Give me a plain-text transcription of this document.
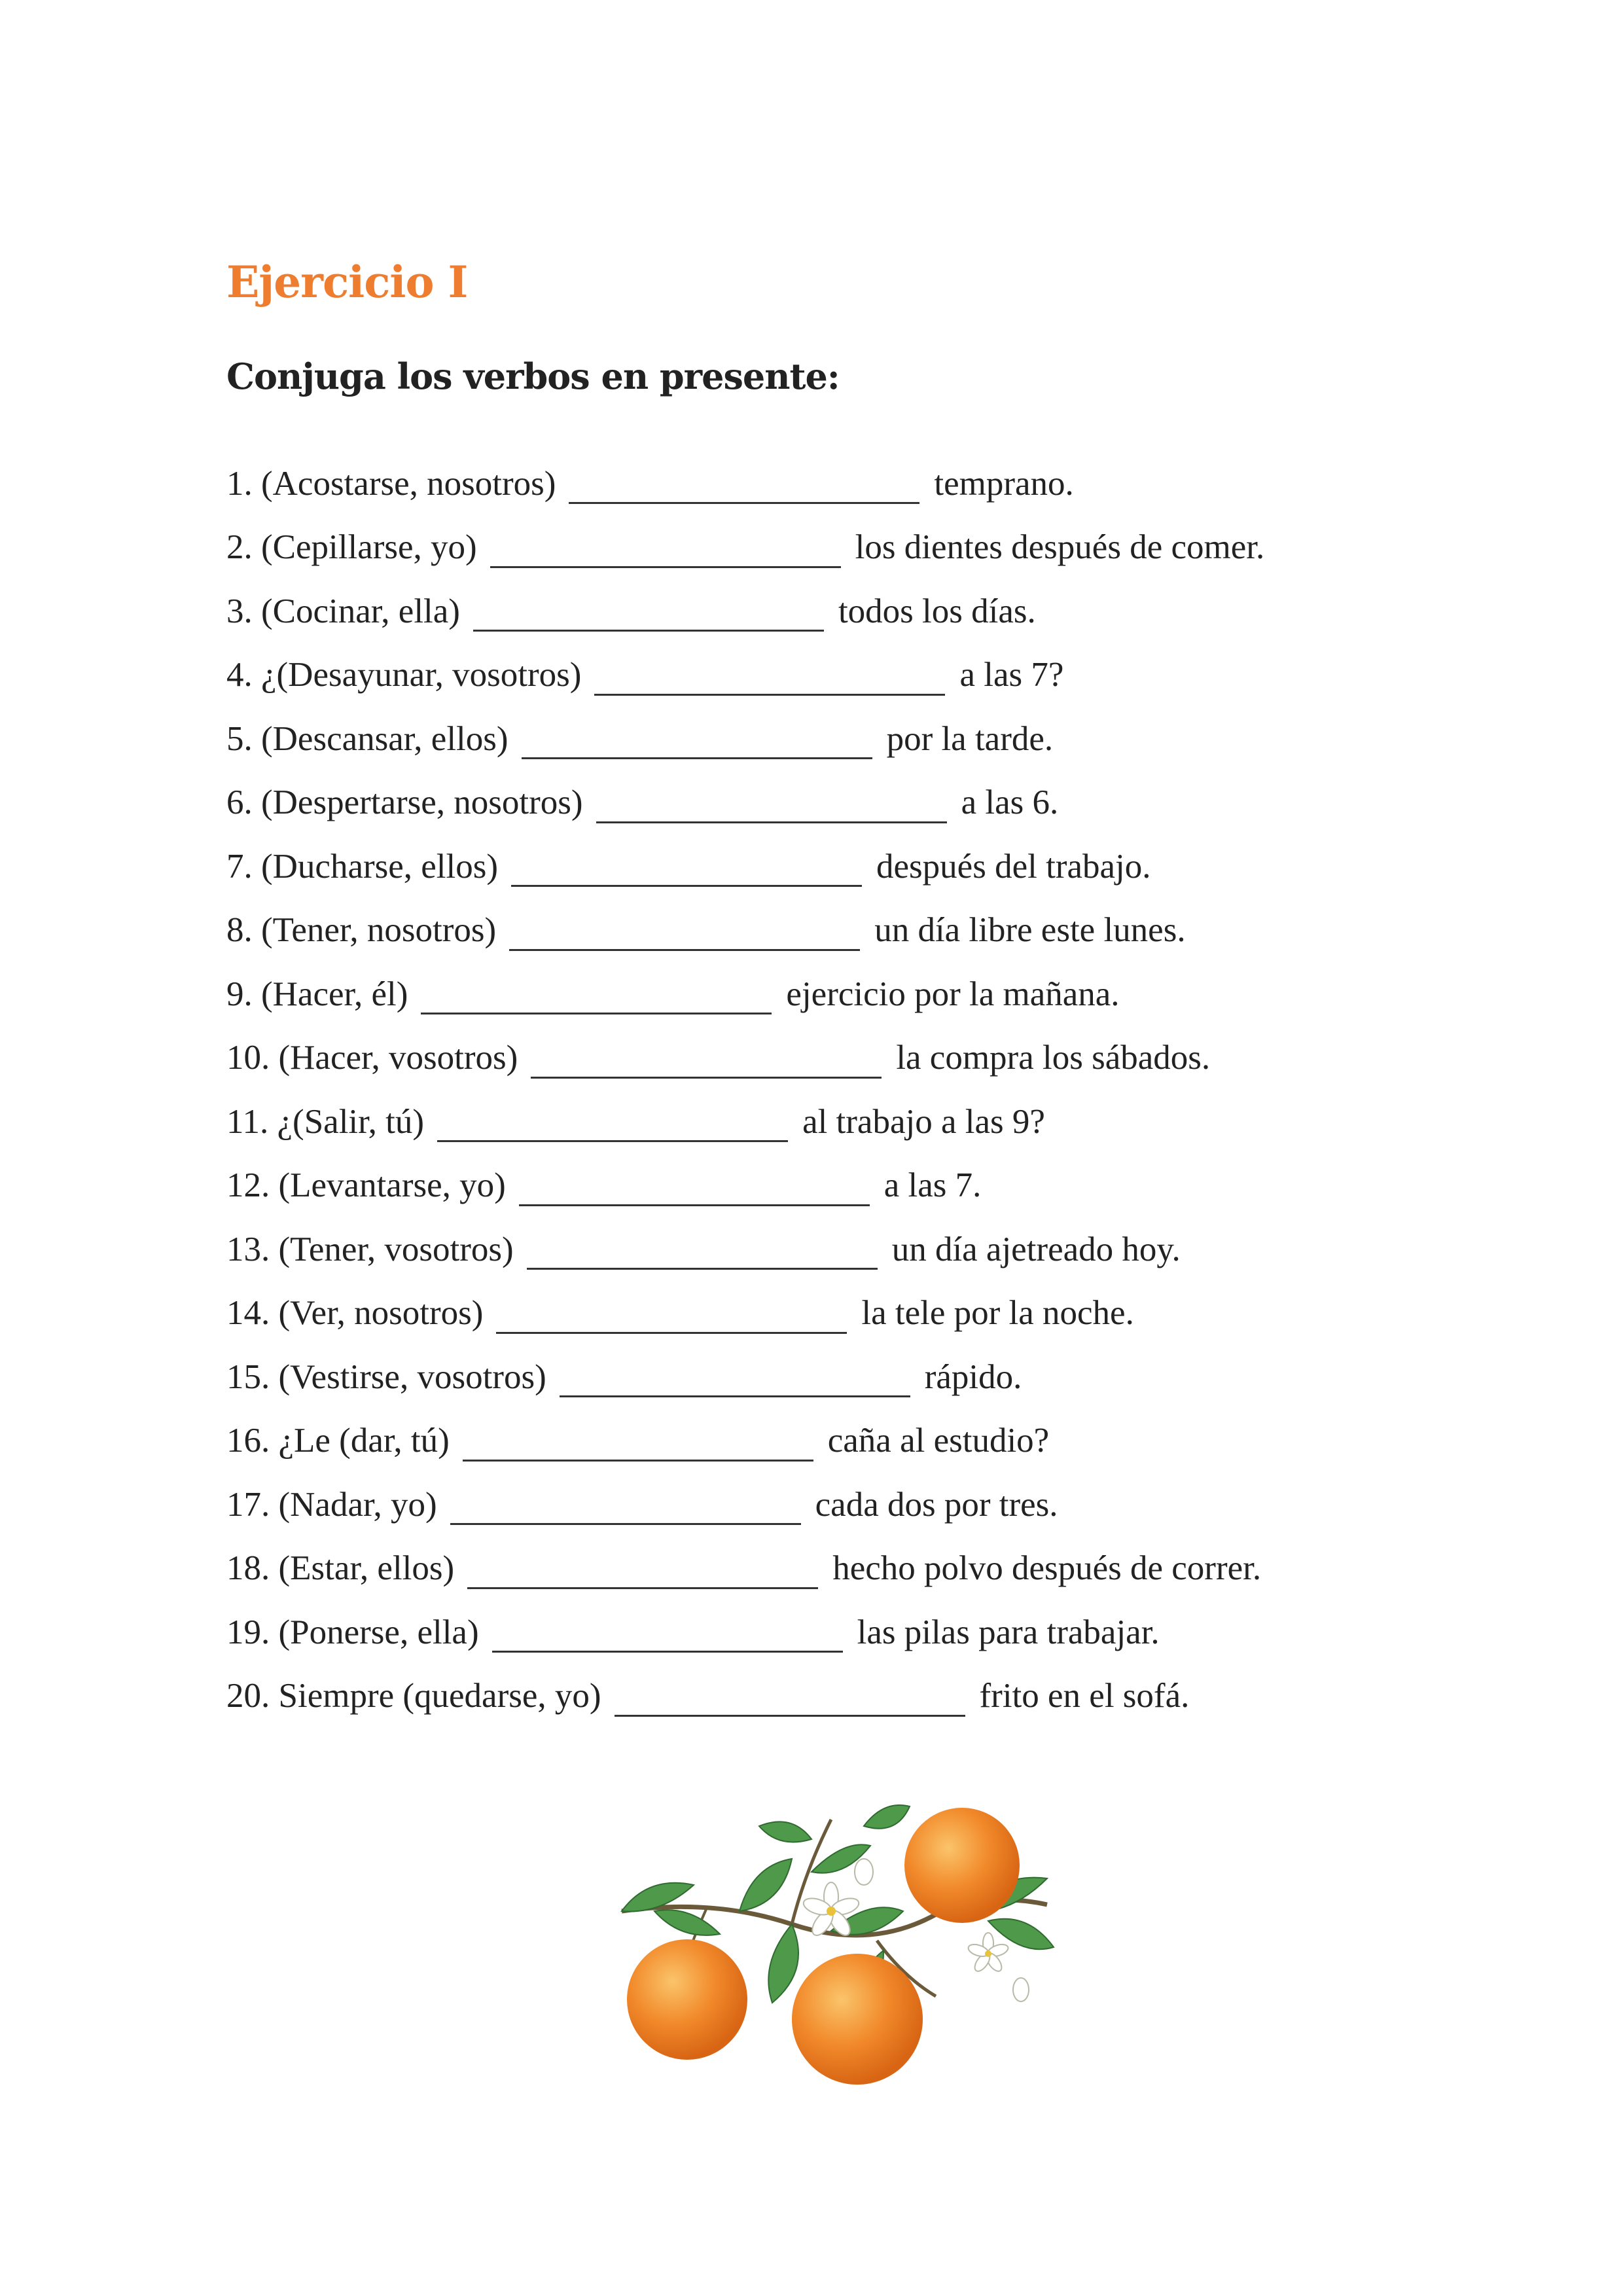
Ejercicio I
Conjuga los verbos en presente:
1. (Acostarse, nosotros)	temprano.
2. (Cepillarse, yo)	los dientes después de comer.
3. (Cocinar, ella)	todos los días.
4. ¿(Desayunar, vosotros)	a las 7?
5. (Descansar, ellos)	por la tarde.
6. (Despertarse, nosotros)	a las 6.
7. (Ducharse, ellos)	después del trabajo.
8. (Tener, nosotros)	un día libre este lunes.
9. (Hacer, él)	ejercicio por la mañana.
10. (Hacer, vosotros)	la compra los sábados.
11. ¿(Salir, tú)	al trabajo a las 9?
12. (Levantarse, yo)	a las 7.
13. (Tener, vosotros)	un día ajetreado hoy.
14. (Ver, nosotros)	la tele por la noche.
15. (Vestirse, vosotros)	rápido.
16. ¿Le (dar, tú)	caña al estudio?
17. (Nadar, yo)	cada dos por tres.
18. (Estar, ellos)	hecho polvo después de correr.
19. (Ponerse, ella)	las pilas para trabajar.
20. Siempre (quedarse, yo)	frito en el sofá.
